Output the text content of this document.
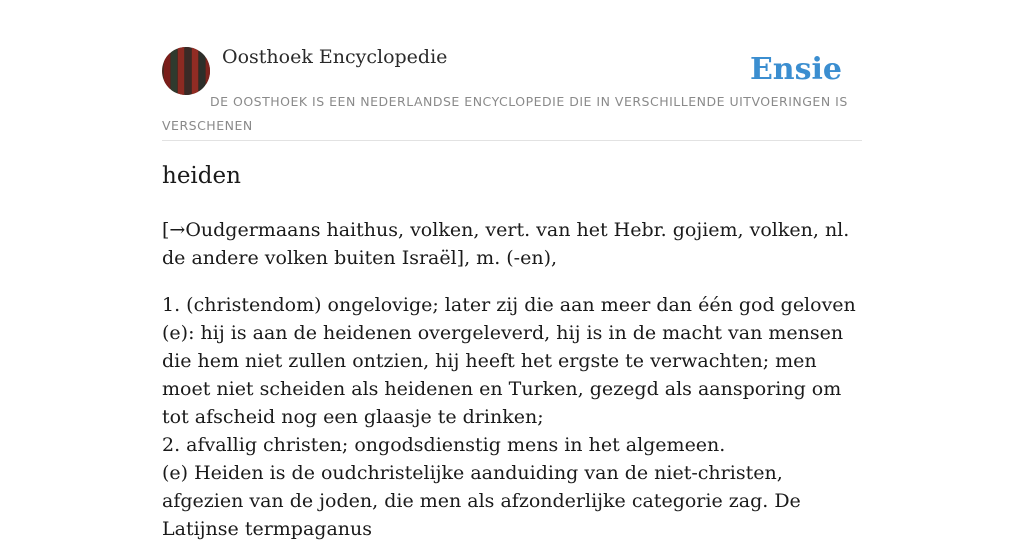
Oosthoek Encyclopedie	Ensie
DE OOSTHOEK IS EEN NEDERLANDSE ENCYCLOPEDIE DIE IN VERSCHILLENDE UITVOERINGEN IS VERSCHENEN
heiden

[→Oudgermaans haithus, volken, vert. van het Hebr. gojiem, volken, nl. de andere volken buiten Israël], m. (-en),

1. (christendom) ongelovige; later zij die aan meer dan één god geloven (e): hij is aan de heidenen overgeleverd, hij is in de macht van mensen die hem niet zullen ontzien, hij heeft het ergste te verwachten; men moet niet scheiden als heidenen en Turken, gezegd als aansporing om tot afscheid nog een glaasje te drinken;
2. afvallig christen; ongodsdienstig mens in het algemeen.

(e) Heiden is de oudchristelijke aanduiding van de niet-christen, afgezien van de joden, die men als afzonderlijke categorie zag. De Latijnse termpaganus
